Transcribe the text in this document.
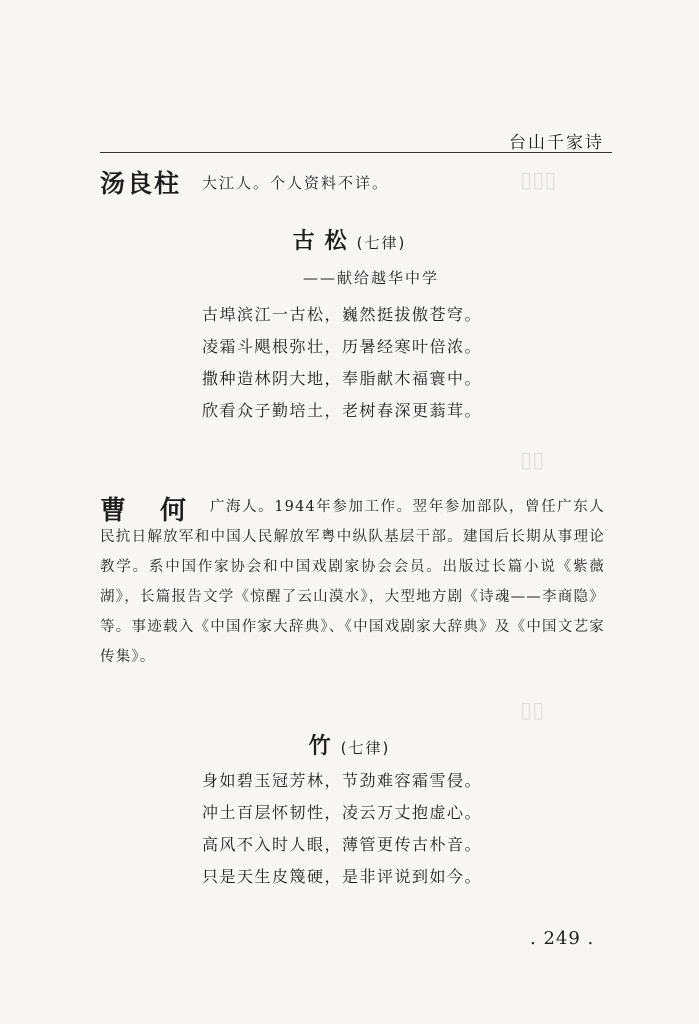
▯▯▯
▯▯
▯▯
台山千家诗
汤良柱 大江人。个人资料不详。
古松(七律)
——献给越华中学
古埠滨江一古松，巍然挺拔傲苍穹。
凌霜斗飓根弥壮，历暑经寒叶倍浓。
撒种造林阴大地，奉脂献木福寰中。
欣看众子勤培土，老树春深更蓊茸。
曹　何	广海人。1944年参加工作。翌年参加部队，曾任广东人民抗日解放军和中国人民解放军粤中纵队基层干部。建国后长期从事理论教学。系中国作家协会和中国戏剧家协会会员。出版过长篇小说《紫薇湖》，长篇报告文学《惊醒了云山漠水》，大型地方剧《诗魂——李商隐》等。事迹载入《中国作家大辞典》、《中国戏剧家大辞典》及《中国文艺家传集》。
竹(七律)
身如碧玉冠芳林，节劲难容霜雪侵。
冲土百层怀韧性，凌云万丈抱虚心。
高风不入时人眼，薄管更传古朴音。
只是天生皮篾硬，是非评说到如今。
. 249 .
